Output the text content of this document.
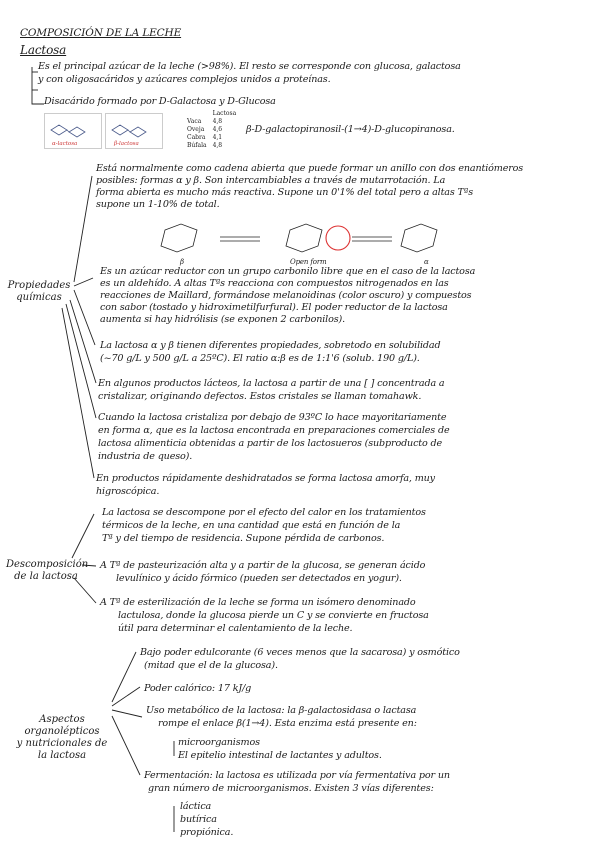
COMPOSICIÓN DE LA LECHE
Lactosa
Es el principal azúcar de la leche (>98%). El resto se corresponde con glucosa, galactosa
y con oligosacáridos y azúcares complejos unidos a proteínas.
Disacárido formado por D-Galactosa y D-Glucosa
α-lactosa	β-lactosa
	Lactosa
Vaca	4,8
Oveja	4,6
Cabra	4,1
Búfala	4,8
β-D-galactopiranosil-(1→4)-D-glucopiranosa.
Propiedades
químicas
Está normalmente como cadena abierta que puede formar un anillo con dos enantiómeros
posibles: formas α y β. Son intercambiables a través de mutarrotación. La
forma abierta es mucho más reactiva. Supone un 0'1% del total pero a altas Tªs
supone un 1-10% de total.
β	Open form	α
Es un azúcar reductor con un grupo carbonilo libre que en el caso de la lactosa
es un aldehído. A altas Tªs reacciona con compuestos nitrogenados en las
reacciones de Maillard, formándose melanoidinas (color oscuro) y compuestos
con sabor (tostado y hidroximetilfurfural). El poder reductor de la lactosa
aumenta si hay hidrólisis (se exponen 2 carbonilos).
La lactosa α y β tienen diferentes propiedades, sobretodo en solubilidad
(~70 g/L y 500 g/L a 25ºC). El ratio α:β es de 1:1'6 (solub. 190 g/L).
En algunos productos lácteos, la lactosa a partir de una [ ] concentrada a
cristalizar, originando defectos. Estos cristales se llaman tomahawk.
Cuando la lactosa cristaliza por debajo de 93ºC lo hace mayoritariamente
en forma α, que es la lactosa encontrada en preparaciones comerciales de
lactosa alimenticia obtenidas a partir de los lactosueros (subproducto de
industria de queso).
En productos rápidamente deshidratados se forma lactosa amorfa, muy
higroscópica.
Descomposición
de la lactosa
La lactosa se descompone por el efecto del calor en los tratamientos
térmicos de la leche, en una cantidad que está en función de la
Tª y del tiempo de residencia. Supone pérdida de carbonos.
A Tª de pasteurización alta y a partir de la glucosa, se generan ácido
levulínico y ácido fórmico (pueden ser detectados en yogur).
A Tª de esterilización de la leche se forma un isómero denominado
lactulosa, donde la glucosa pierde un C y se convierte en fructosa
útil para determinar el calentamiento de la leche.
Aspectos organolépticos
y nutricionales de
la lactosa
Bajo poder edulcorante (6 veces menos que la sacarosa) y osmótico
(mitad que el de la glucosa).
Poder calórico: 17 kJ/g
Uso metabólico de la lactosa: la β-galactosidasa o lactasa
rompe el enlace β(1→4). Esta enzima está presente en:
microorganismos
El epitelio intestinal de lactantes y adultos.
Fermentación: la lactosa es utilizada por vía fermentativa por un
gran número de microorganismos. Existen 3 vías diferentes:
láctica
butírica
propiónica.
